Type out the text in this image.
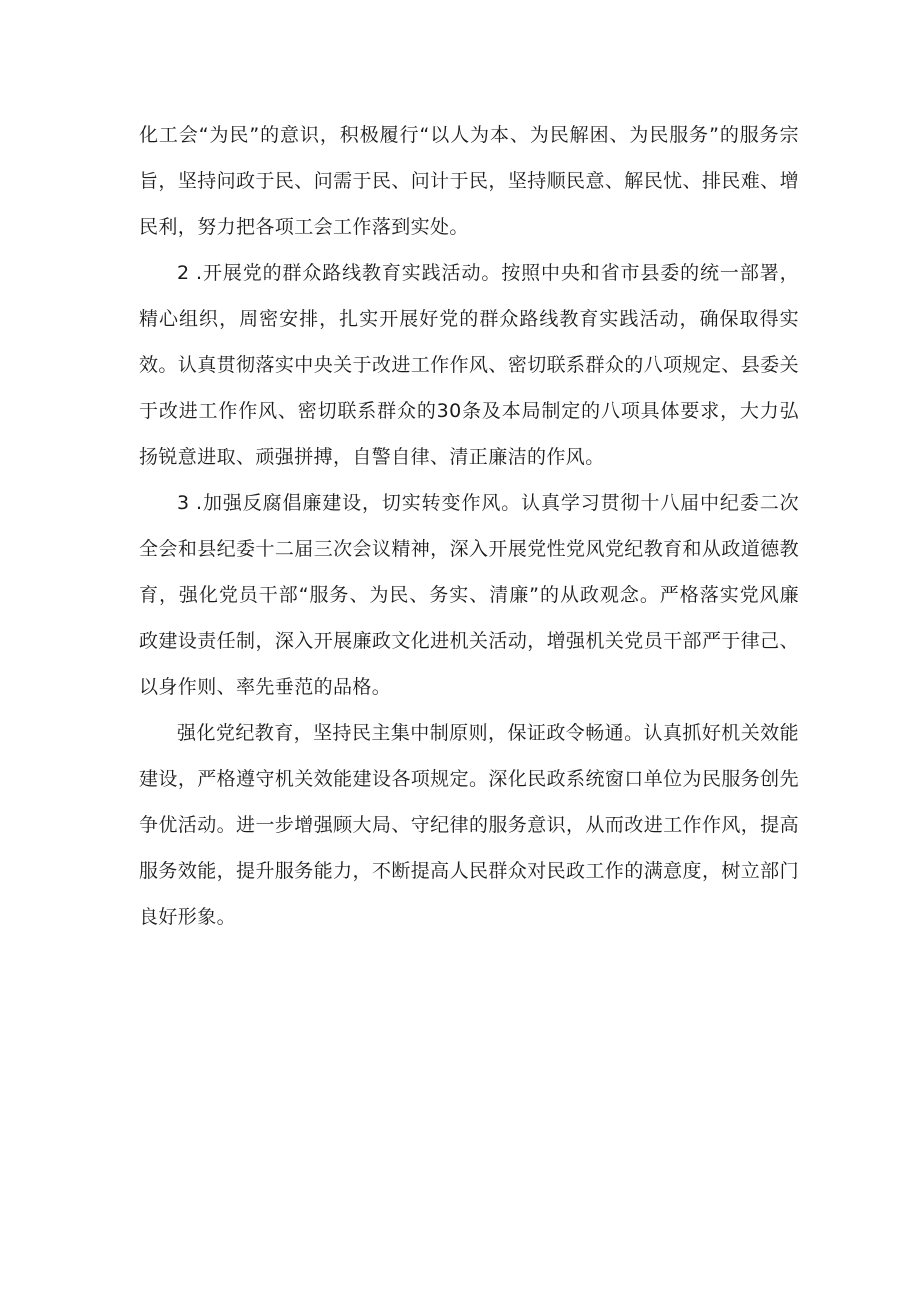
化工会“为民”的意识，积极履行“以人为本、为民解困、为民服务”的服务宗旨，坚持问政于民、问需于民、问计于民，坚持顺民意、解民忧、排民难、增民利，努力把各项工会工作落到实处。

2 .开展党的群众路线教育实践活动。按照中央和省市县委的统一部署，精心组织，周密安排，扎实开展好党的群众路线教育实践活动，确保取得实效。认真贯彻落实中央关于改进工作作风、密切联系群众的八项规定、县委关于改进工作作风、密切联系群众的30条及本局制定的八项具体要求，大力弘扬锐意进取、顽强拼搏，自警自律、清正廉洁的作风。

3 .加强反腐倡廉建设，切实转变作风。认真学习贯彻十八届中纪委二次全会和县纪委十二届三次会议精神，深入开展党性党风党纪教育和从政道德教育，强化党员干部“服务、为民、务实、清廉”的从政观念。严格落实党风廉政建设责任制，深入开展廉政文化进机关活动，增强机关党员干部严于律己、以身作则、率先垂范的品格。

强化党纪教育，坚持民主集中制原则，保证政令畅通。认真抓好机关效能建设，严格遵守机关效能建设各项规定。深化民政系统窗口单位为民服务创先争优活动。进一步增强顾大局、守纪律的服务意识，从而改进工作作风，提高服务效能，提升服务能力，不断提高人民群众对民政工作的满意度，树立部门良好形象。
